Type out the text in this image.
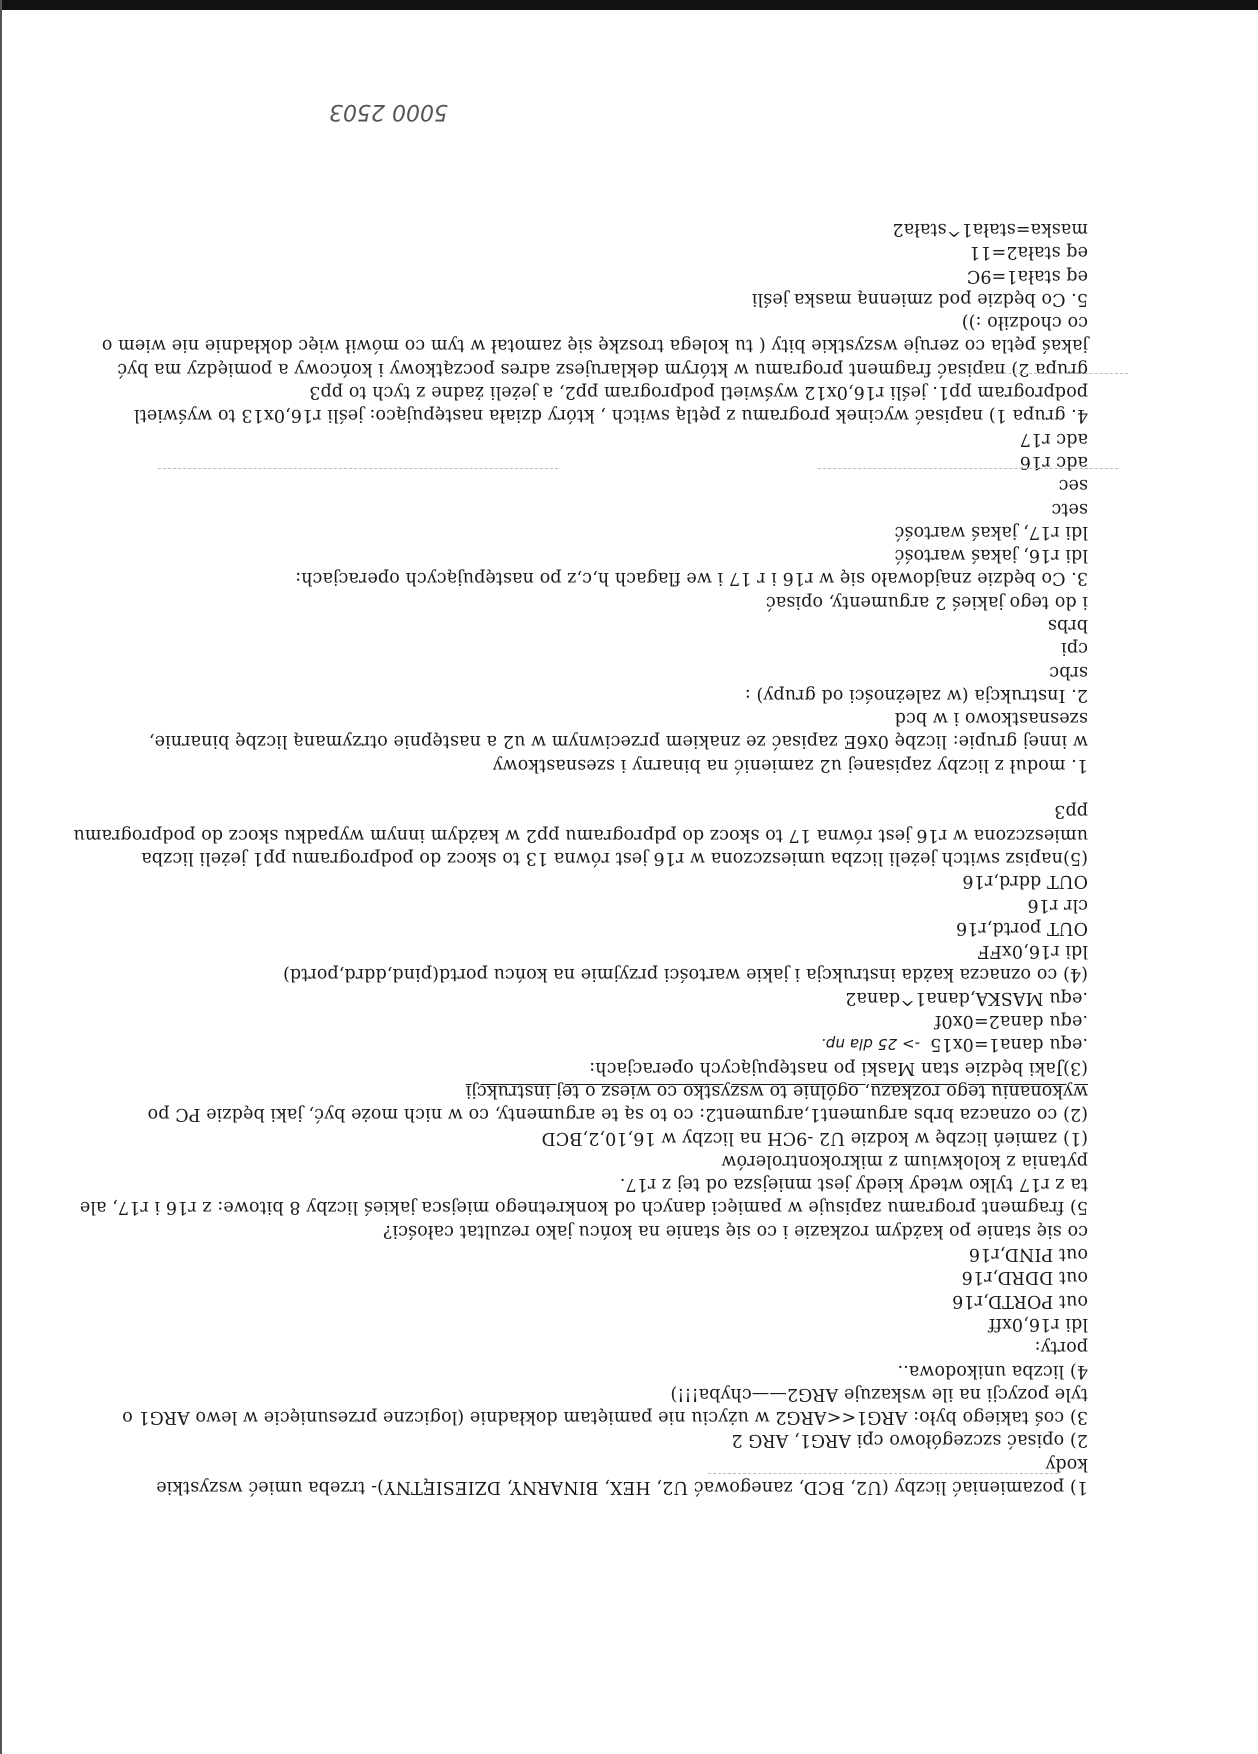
1) pozamieniać liczby (U2, BCD, zanegować U2, HEX, BINARNY, DZIESIĘTNY)- trzeba umieć wszystkie
kody
2) opisać szczegółowo cpi ARG1, ARG 2
3) coś takiego było: ARG1<<ARG2 w użyciu nie pamiętam dokładnie (logiczne przesunięcie w lewo ARG1 o
tyle pozycji na ile wskazuje ARG2——chyba!!!)
4) liczba unikodowa..
porty:
ldi r16,0xff
out PORTD,r16
out DDRD,r16
out PIND,r16
co się stanie po każdym rozkazie i co się stanie na końcu jako rezultat całości?
5) fragment programu zapisuje w pamięci danych od konkretnego miejsca jakieś liczby 8 bitowe: z r16 i r17, ale
ta z r17 tylko wtedy kiedy jest mniejsza od tej z r17.
pytania z kolokwium z mikrokontrolerów
(1) zamień liczbę w kodzie U2 -9CH na liczby w 16,10,2,BCD
(2) co oznacza brbs argument1,argument2: co to są te argumenty, co w nich może być, jaki będzie PC po
wykonaniu tego rozkazu, ogólnie to wszystko co wiesz o tej instrukcji
(3)Jaki będzie stan Maski po następujących operacjach:
.equ dana1=0x15-> 25 dla np.
.equ dana2=0x0f
.equ MASKA,dana1^dana2
(4) co oznacza każda instrukcja i jakie wartości przyjmie na końcu portd(pind,ddrd,portd)
ldi r16,0xFF
OUT portd,r16
clr r16
OUT ddrd,r16
(5)napisz switch jeżeli liczba umieszczona w r16 jest równa 13 to skocz do podprogramu pp1 jeżeli liczba
umieszczona w r16 jest równa 17 to skocz do pdprogramu pp2 w każdym innym wypadku skocz do podprogramu
pp3
1. moduł z liczby zapisanej u2 zamienić na binarny i szesnastkowy
w innej grupie: liczbę 0x6E zapisać ze znakiem przeciwnym w u2 a następnie otrzymaną liczbę binarnie,
szesnastkowo i w bcd
2. Instrukcja (w zależności od grupy) :
srbc
cpi
brbs
i do tego jakieś 2 argumenty, opisać
3. Co będzie znajdowało się w r16 i r 17 i we flagach h,c,z po następujących operacjach:
ldi r16, jakaś wartość
ldi r17, jakaś wartość
setc
sec
adc r16
adc r17
4. grupa 1) napisać wycinek programu z pętlą switch , który działa następująco: jeśli r16,0x13 to wyświetl
podprogram pp1. jeśli r16,0x12 wyświetl podprogram pp2, a jeżeli żadne z tych to pp3
grupa 2) napisać fragment programu w którym deklarujesz adres początkowy i końcowy a pomiędzy ma być
jakaś pętla co zeruje wszystkie bity ( tu kolega troszkę się zamotał w tym co mówił więc dokładnie nie wiem o
co chodziło :))
5. Co będzie pod zmienną maska jeśli
eq stała1=9C
eq stała2=11
maska=stała1^stała2
5000 2503
